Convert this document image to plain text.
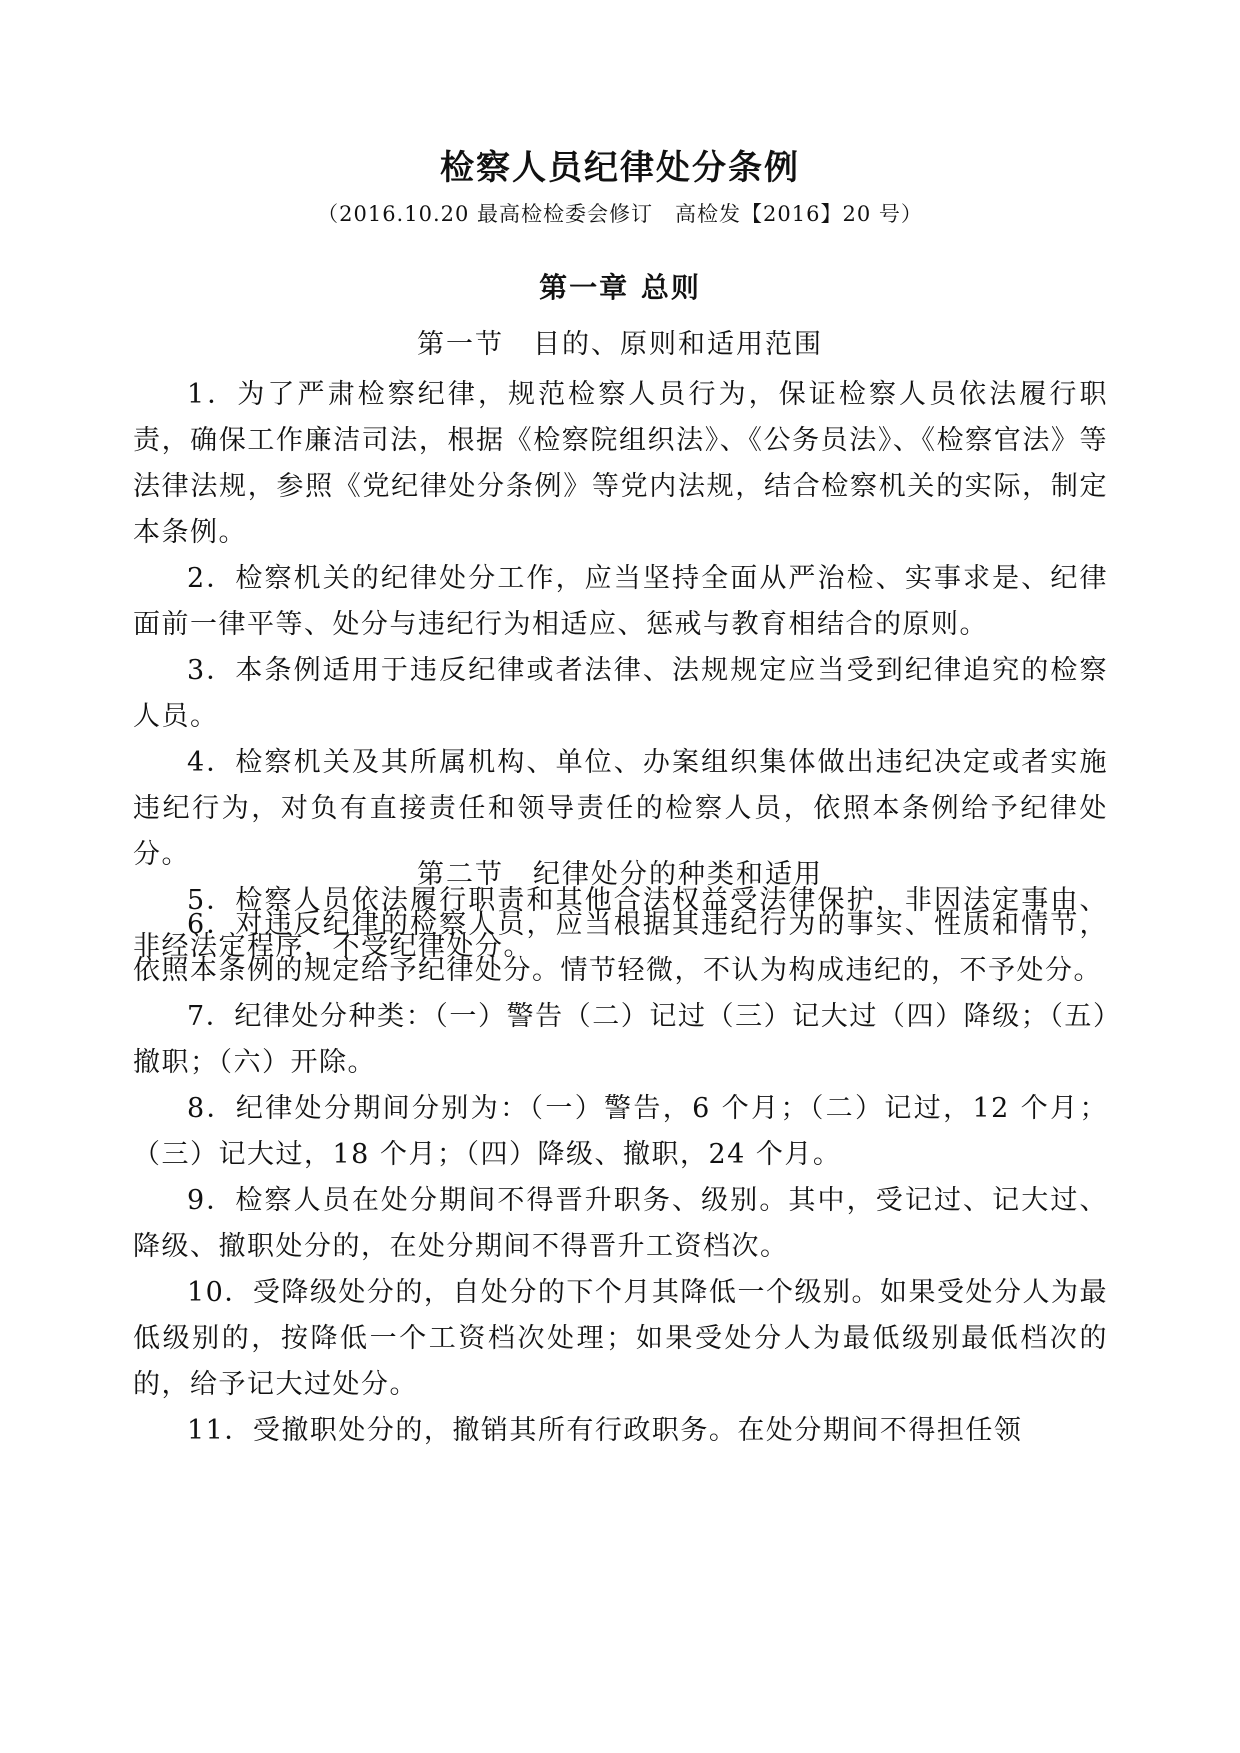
检察人员纪律处分条例
（2016.10.20 最高检检委会修订　高检发【2016】20 号）
第一章 总则
第一节　目的、原则和适用范围

1．为了严肃检察纪律，规范检察人员行为，保证检察人员依法履行职责，确保工作廉洁司法，根据《检察院组织法》、《公务员法》、《检察官法》等法律法规，参照《党纪律处分条例》等党内法规，结合检察机关的实际，制定本条例。

2．检察机关的纪律处分工作，应当坚持全面从严治检、实事求是、纪律面前一律平等、处分与违纪行为相适应、惩戒与教育相结合的原则。

3．本条例适用于违反纪律或者法律、法规规定应当受到纪律追究的检察人员。

4．检察机关及其所属机构、单位、办案组织集体做出违纪决定或者实施违纪行为，对负有直接责任和领导责任的检察人员，依照本条例给予纪律处分。

5．检察人员依法履行职责和其他合法权益受法律保护，非因法定事由、非经法定程序，不受纪律处分。

第二节　纪律处分的种类和适用

6．对违反纪律的检察人员，应当根据其违纪行为的事实、性质和情节，依照本条例的规定给予纪律处分。情节轻微，不认为构成违纪的，不予处分。

7．纪律处分种类：（一）警告（二）记过（三）记大过（四）降级；（五）撤职；（六）开除。

8．纪律处分期间分别为：（一）警告，6 个月；（二）记过，12 个月；（三）记大过，18 个月；（四）降级、撤职，24 个月。

9．检察人员在处分期间不得晋升职务、级别。其中，受记过、记大过、降级、撤职处分的，在处分期间不得晋升工资档次。

10．受降级处分的，自处分的下个月其降低一个级别。如果受处分人为最低级别的，按降低一个工资档次处理；如果受处分人为最低级别最低档次的的，给予记大过处分。

11．受撤职处分的，撤销其所有行政职务。在处分期间不得担任领
